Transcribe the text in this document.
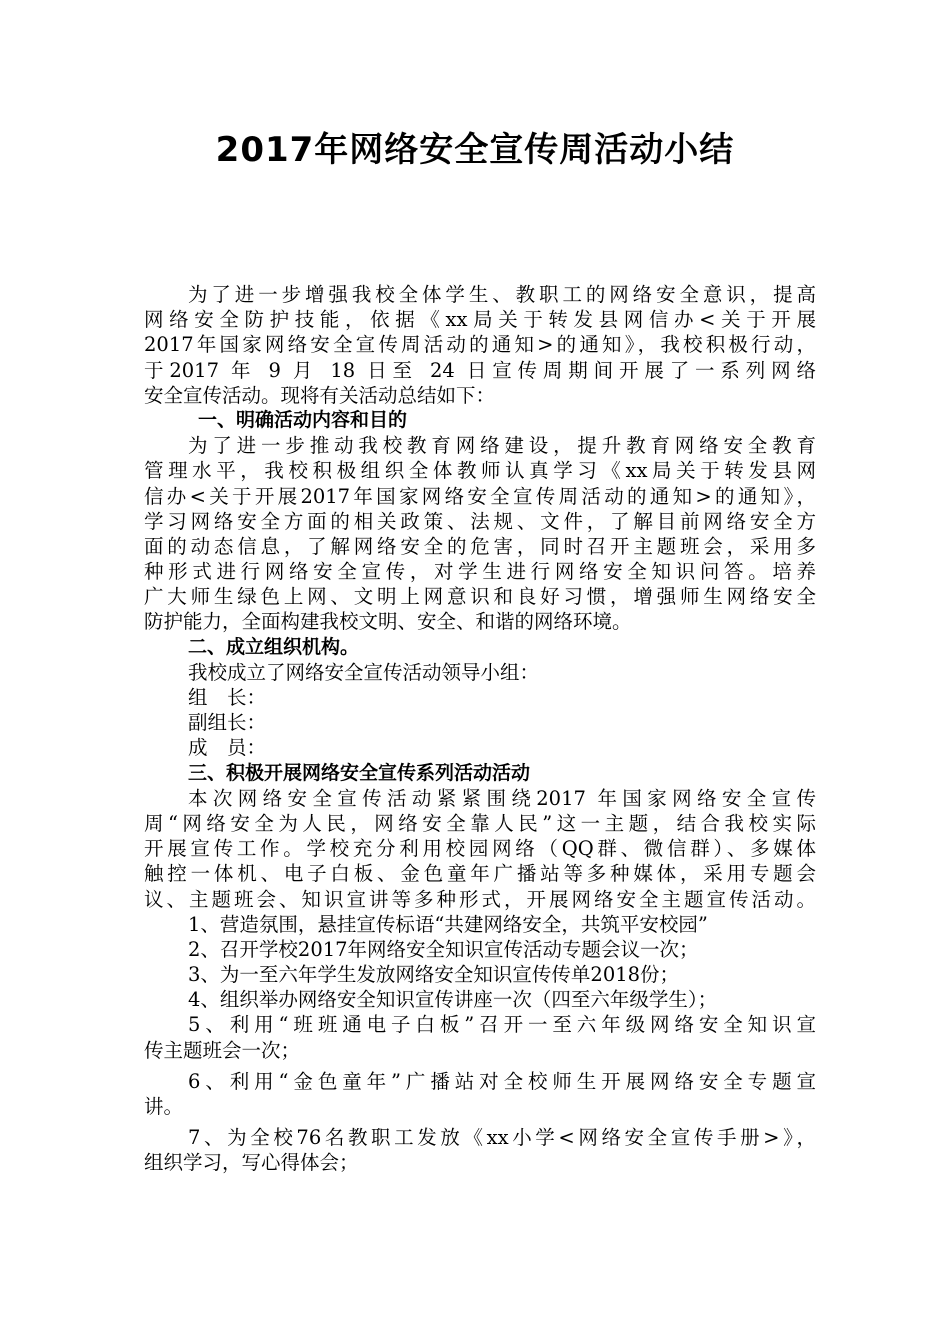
2017年网络安全宣传周活动小结
为了进一步增强我校全体学生、教职工的网络安全意识，提高
网络安全防护技能，依据《xx局关于转发县网信办<关于开展
2017年国家网络安全宣传周活动的通知>的通知》，我校积极行动，
于2017 年 9 月 18 日至 24 日宣传周期间开展了一系列网络
安全宣传活动。现将有关活动总结如下：
一、明确活动内容和目的
为了进一步推动我校教育网络建设，提升教育网络安全教育
管理水平，我校积极组织全体教师认真学习《xx局关于转发县网
信办<关于开展2017年国家网络安全宣传周活动的通知>的通知》，
学习网络安全方面的相关政策、法规、文件，了解目前网络安全方
面的动态信息，了解网络安全的危害，同时召开主题班会，采用多
种形式进行网络安全宣传，对学生进行网络安全知识问答。培养
广大师生绿色上网、文明上网意识和良好习惯，增强师生网络安全
防护能力，全面构建我校文明、安全、和谐的网络环境。
二、成立组织机构。
我校成立了网络安全宣传活动领导小组：
组　长：
副组长：
成　员：
三、积极开展网络安全宣传系列活动活动
本次网络安全宣传活动紧紧围绕2017 年国家网络安全宣传
周“网络安全为人民，网络安全靠人民”这一主题，结合我校实际
开展宣传工作。学校充分利用校园网络（QQ群、微信群）、多媒体
触控一体机、电子白板、金色童年广播站等多种媒体，采用专题会
议、主题班会、知识宣讲等多种形式，开展网络安全主题宣传活动。
1、营造氛围，悬挂宣传标语“共建网络安全，共筑平安校园”
2、召开学校2017年网络安全知识宣传活动专题会议一次；
3、为一至六年学生发放网络安全知识宣传传单2018份；
4、组织举办网络安全知识宣传讲座一次（四至六年级学生）；
5、利用“班班通电子白板”召开一至六年级网络安全知识宣
传主题班会一次；
6、利用“金色童年”广播站对全校师生开展网络安全专题宣
讲。
7、为全校76名教职工发放《xx小学<网络安全宣传手册>》，
组织学习，写心得体会；
